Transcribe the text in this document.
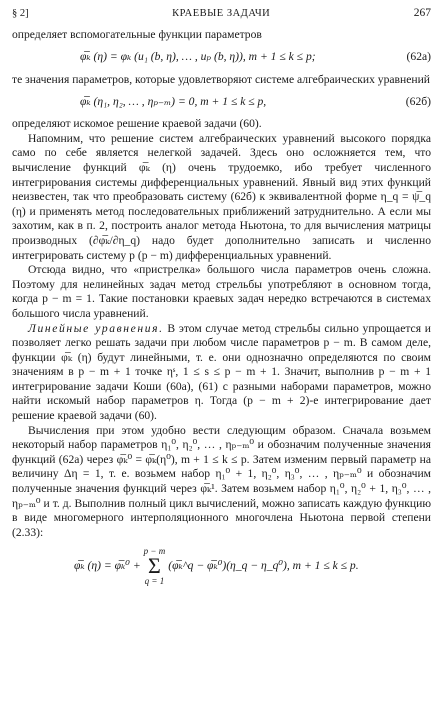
§ 2]	КРАЕВЫЕ ЗАДАЧИ	267

определяет вспомогательные функции параметров

φ̅ₖ (η) = φₖ (u₁ (b, η), … , uₚ (b, η)), m + 1 ≤ k ≤ p;	(62а)

те значения параметров, которые удовлетворяют системе алгебраических уравнений

φ̅ₖ (η₁, η₂, … , ηₚ₋ₘ) = 0, m + 1 ≤ k ≤ p,	(62б)

определяют искомое решение краевой задачи (60).

Напомним, что решение систем алгебраических уравнений высокого порядка само по себе является нелегкой задачей. Здесь оно осложняется тем, что вычисление функций φ̅ₖ (η) очень трудоемко, ибо требует численного интегрирования системы дифференциальных уравнений. Явный вид этих функций неизвестен, так что преобразовать систему (62б) к эквивалентной форме η_q = ψ̅_q (η) и применять метод последовательных приближений затруднительно. А если мы захотим, как в п. 2, построить аналог метода Ньютона, то для вычисления матрицы производных (∂φ̅ₖ/∂η_q) надо будет дополнительно записать и численно интегрировать систему p (p − m) дифференциальных уравнений.

Отсюда видно, что «пристрелка» большого числа параметров очень сложна. Поэтому для нелинейных задач метод стрельбы употребляют в основном тогда, когда p − m = 1. Такие постановки краевых задач нередко встречаются в системах большого числа уравнений.

Линейные уравнения. В этом случае метод стрельбы сильно упрощается и позволяет легко решать задачи при любом числе параметров p − m. В самом деле, функции φ̅ₖ (η) будут линейными, т. е. они однозначно определяются по своим значениям в p − m + 1 точке ηˢ, 1 ≤ s ≤ p − m + 1. Значит, выполнив p − m + 1 интегрирование задачи Коши (60а), (61) с разными наборами параметров, можно найти искомый набор параметров η. Тогда (p − m + 2)-е интегрирование дает решение краевой задачи (60).

Вычисления при этом удобно вести следующим образом. Сначала возьмем некоторый набор параметров η₁⁰, η₂⁰, … , ηₚ₋ₘ⁰ и обозначим полученные значения функций (62а) через φ̅ₖ⁰ = φ̅ₖ(η⁰), m + 1 ≤ k ≤ p. Затем изменим первый параметр на величину Δη = 1, т. е. возьмем набор η₁⁰ + 1, η₂⁰, η₃⁰, … , ηₚ₋ₘ⁰ и обозначим полученные значения функций через φ̅ₖ¹. Затем возьмем набор η₁⁰, η₂⁰ + 1, η₃⁰, … , ηₚ₋ₘ⁰ и т. д. Выполнив полный цикл вычислений, можно записать каждую функцию в виде многомерного интерполяционного многочлена Ньютона первой степени (2.33):

φ̅ₖ (η) = φ̅ₖ⁰ +
p − m
Σ
q = 1
(φ̅ₖ^q − φ̅ₖ⁰)(η_q − η_q⁰), m + 1 ≤ k ≤ p.
